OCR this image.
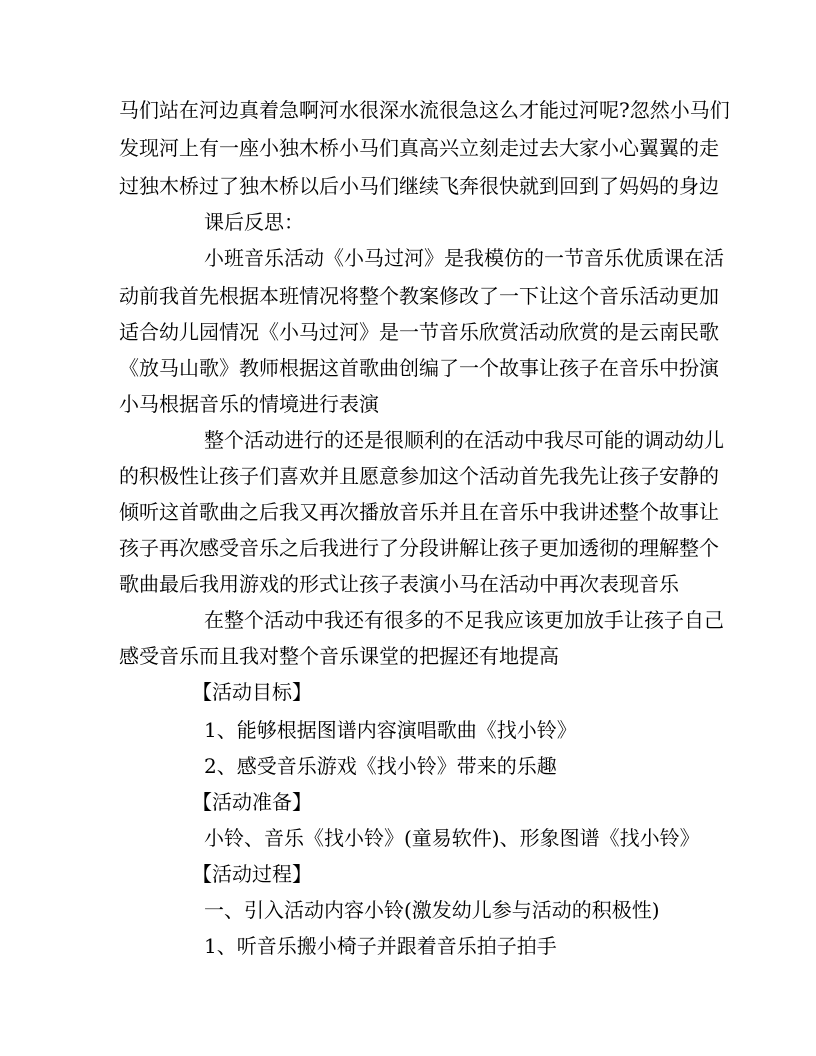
马们站在河边真着急啊河水很深水流很急这么才能过河呢?忽然小马们

发现河上有一座小独木桥小马们真高兴立刻走过去大家小心翼翼的走

过独木桥过了独木桥以后小马们继续飞奔很快就到回到了妈妈的身边

课后反思：

小班音乐活动《小马过河》是我模仿的一节音乐优质课在活

动前我首先根据本班情况将整个教案修改了一下让这个音乐活动更加

适合幼儿园情况《小马过河》是一节音乐欣赏活动欣赏的是云南民歌

《放马山歌》教师根据这首歌曲创编了一个故事让孩子在音乐中扮演

小马根据音乐的情境进行表演

整个活动进行的还是很顺利的在活动中我尽可能的调动幼儿

的积极性让孩子们喜欢并且愿意参加这个活动首先我先让孩子安静的

倾听这首歌曲之后我又再次播放音乐并且在音乐中我讲述整个故事让

孩子再次感受音乐之后我进行了分段讲解让孩子更加透彻的理解整个

歌曲最后我用游戏的形式让孩子表演小马在活动中再次表现音乐

在整个活动中我还有很多的不足我应该更加放手让孩子自己

感受音乐而且我对整个音乐课堂的把握还有地提高

【活动目标】

1、能够根据图谱内容演唱歌曲《找小铃》

2、感受音乐游戏《找小铃》带来的乐趣

【活动准备】

小铃、音乐《找小铃》(童易软件)、形象图谱《找小铃》

【活动过程】

一、引入活动内容小铃(激发幼儿参与活动的积极性)

1、听音乐搬小椅子并跟着音乐拍子拍手
